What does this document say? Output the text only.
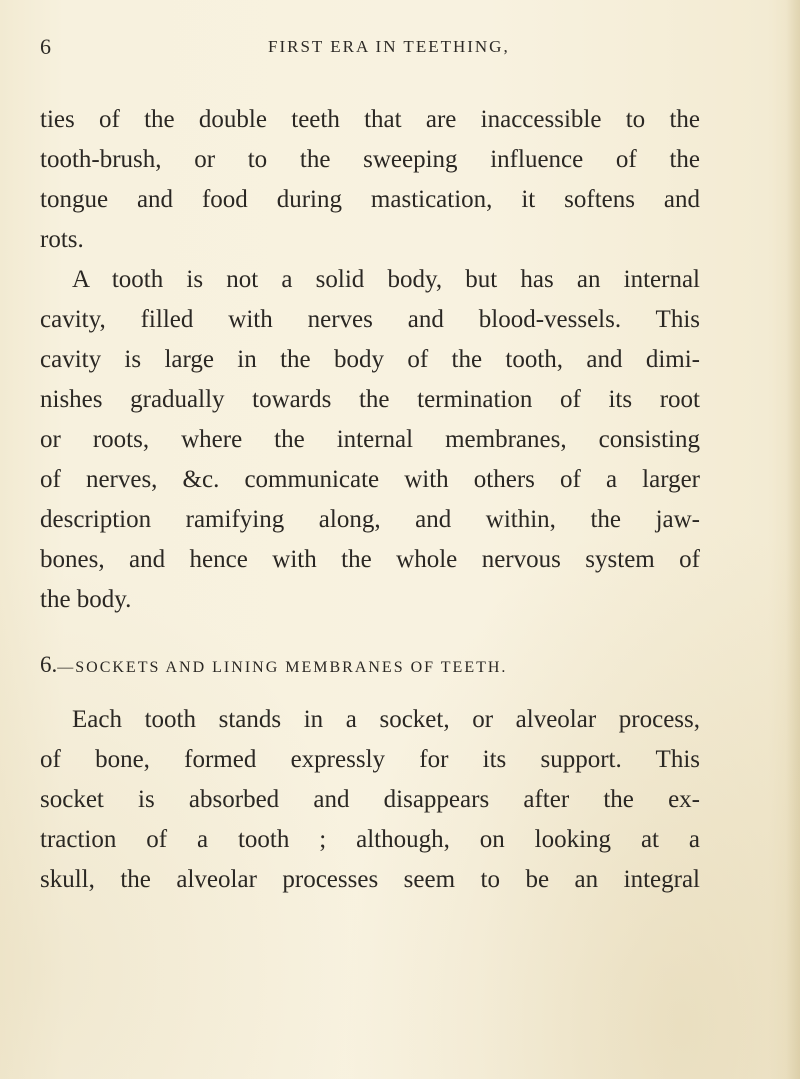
6	FIRST ERA IN TEETHING,
ties of the double teeth that are inaccessible to the
tooth-brush, or to the sweeping influence of the
tongue and food during mastication, it softens and
rots.
A tooth is not a solid body, but has an internal
cavity, filled with nerves and blood-vessels. This
cavity is large in the body of the tooth, and dimi-
nishes gradually towards the termination of its root
or roots, where the internal membranes, consisting
of nerves, &c. communicate with others of a larger
description ramifying along, and within, the jaw-
bones, and hence with the whole nervous system of
the body.
6.—SOCKETS AND LINING MEMBRANES OF TEETH.
Each tooth stands in a socket, or alveolar process,
of bone, formed expressly for its support. This
socket is absorbed and disappears after the ex-
traction of a tooth ; although, on looking at a
skull, the alveolar processes seem to be an integral
